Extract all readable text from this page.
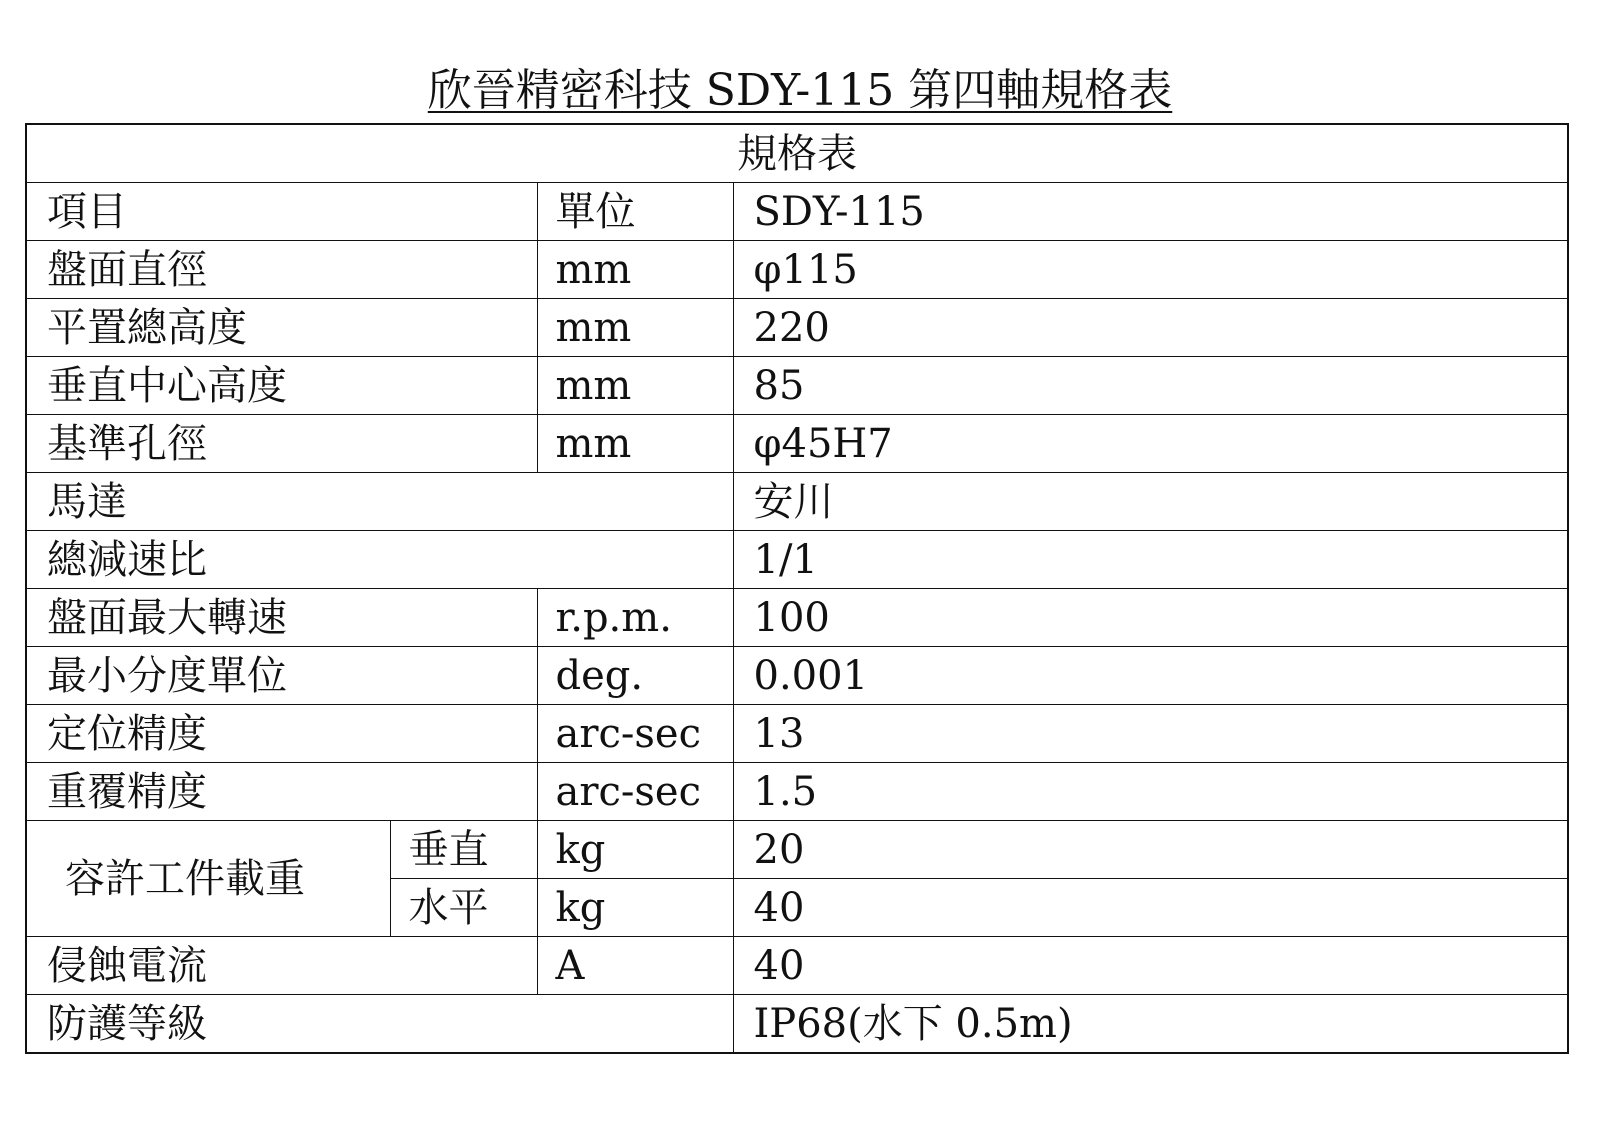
欣晉精密科技 SDY-115 第四軸規格表
規格表			
項目		單位	SDY-115
盤面直徑		mm	φ115
平置總高度		mm	220
垂直中心高度		mm	85
基準孔徑		mm	φ45H7
馬達			安川
總減速比			1/1
盤面最大轉速		r.p.m.	100
最小分度單位		deg.	0.001
定位精度		arc-sec	13
重覆精度		arc-sec	1.5
容許工件載重	垂直	kg	20
	水平	kg	40
侵蝕電流		A	40
防護等級			IP68(水下 0.5m)
